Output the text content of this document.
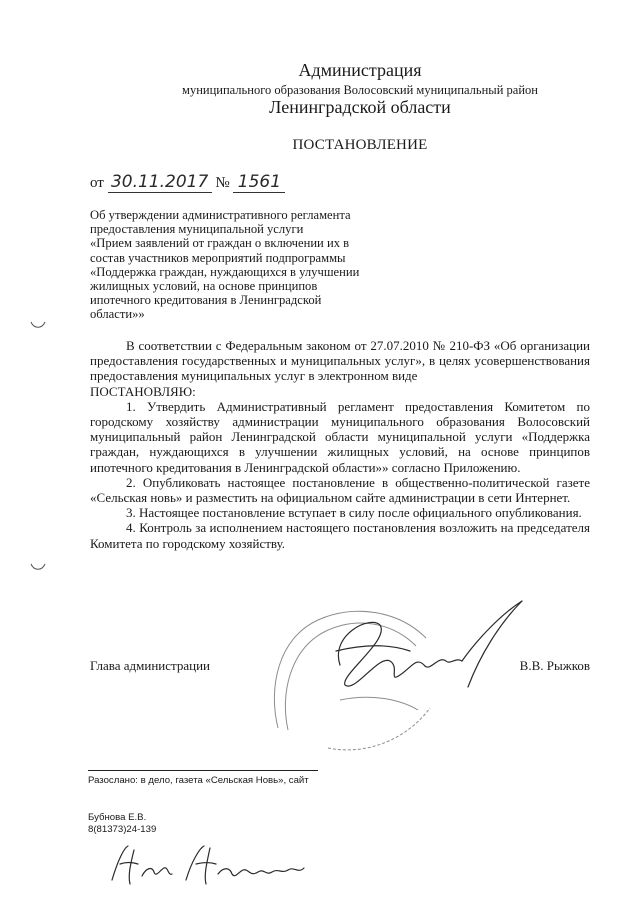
Администрация
муниципального образования Волосовский муниципальный район
Ленинградской области
ПОСТАНОВЛЕНИЕ
от 30.11.2017 № 1561
Об утверждении административного регламента
предоставления муниципальной услуги
«Прием заявлений от граждан о включении их в
состав участников мероприятий подпрограммы
«Поддержка граждан, нуждающихся в улучшении
жилищных условий, на основе принципов
ипотечного кредитования в Ленинградской
области»»

В соответствии с Федеральным законом от 27.07.2010 № 210-ФЗ «Об организации предоставления государственных и муниципальных услуг», в целях усовершенствования предоставления муниципальных услуг в электронном виде

ПОСТАНОВЛЯЮ:

1. Утвердить Административный регламент предоставления Комитетом по городскому хозяйству администрации муниципального образования Волосовский муниципальный район Ленинградской области муниципальной услуги «Поддержка граждан, нуждающихся в улучшении жилищных условий, на основе принципов ипотечного кредитования в Ленинградской области»» согласно Приложению.

2. Опубликовать настоящее постановление в общественно-политической газете «Сельская новь» и разместить на официальном сайте администрации в сети Интернет.

3. Настоящее постановление вступает в силу после официального опубликования.

4. Контроль за исполнением настоящего постановления возложить на председателя Комитета по городскому хозяйству.

Глава администрации	В.В. Рыжков
Разослано: в дело, газета «Сельская Новь», сайт
Бубнова Е.В.
8(81373)24-139
